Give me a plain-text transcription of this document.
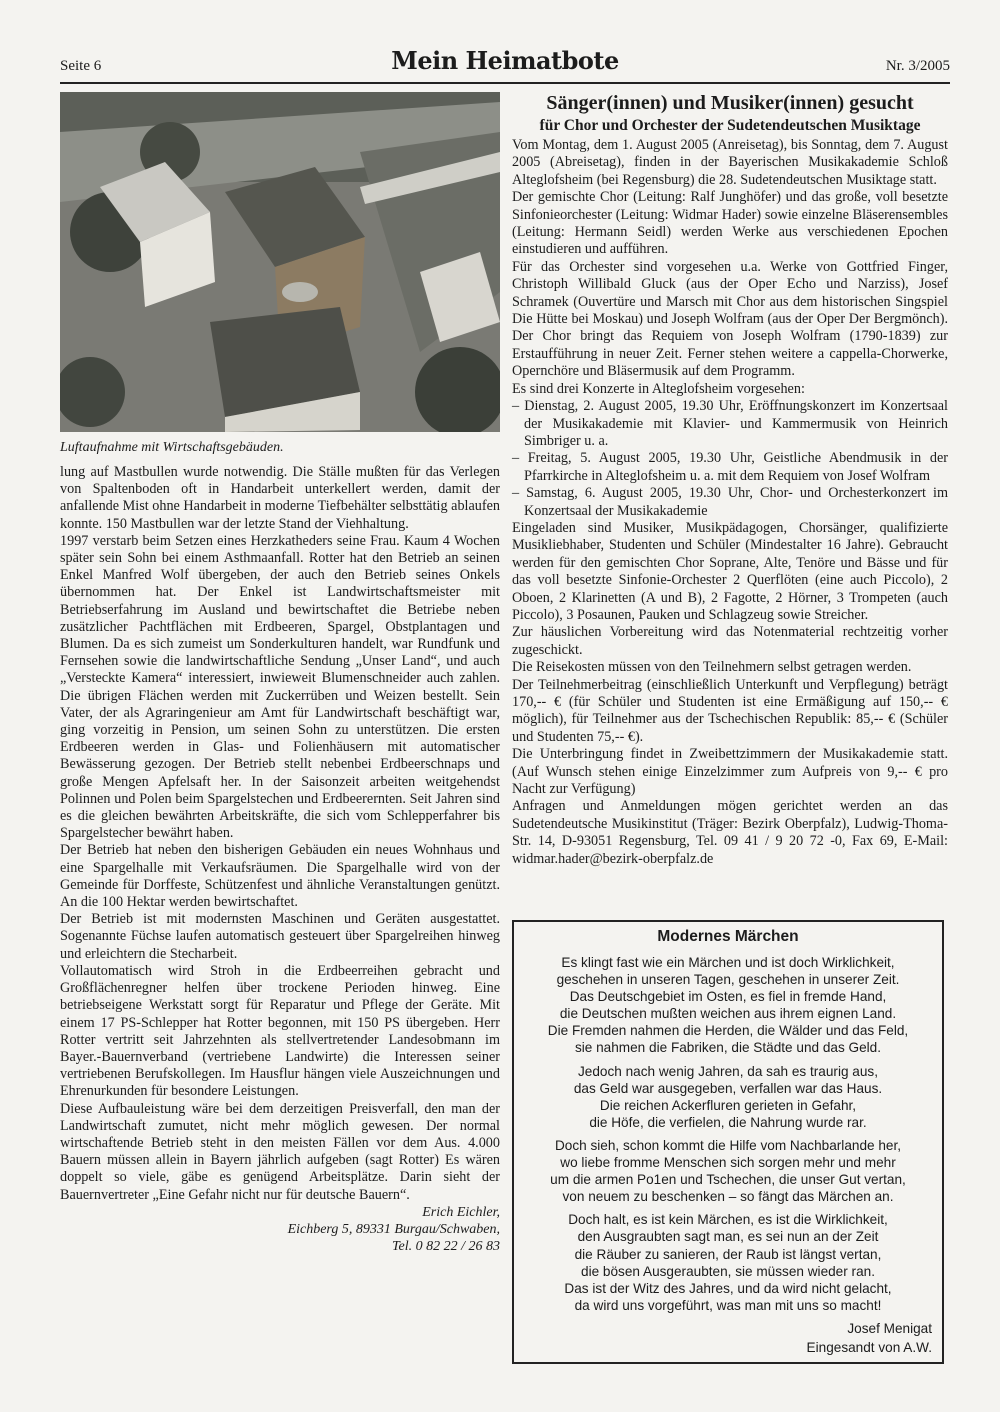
Seite 6	Mein Heimatbote	Nr. 3/2005
Luftaufnahme mit Wirtschaftsgebäuden.

lung auf Mastbullen wurde notwendig. Die Ställe mußten für das Verlegen von Spaltenboden oft in Handarbeit unterkellert werden, damit der anfallende Mist ohne Handarbeit in moderne Tiefbehälter selbsttätig ablaufen konnte. 150 Mastbullen war der letzte Stand der Viehhaltung.

1997 verstarb beim Setzen eines Herzkatheders seine Frau. Kaum 4 Wochen später sein Sohn bei einem Asthmaanfall. Rotter hat den Betrieb an seinen Enkel Manfred Wolf übergeben, der auch den Betrieb seines Onkels übernommen hat. Der Enkel ist Landwirtschaftsmeister mit Betriebserfahrung im Ausland und bewirtschaftet die Betriebe neben zusätzlicher Pachtflächen mit Erdbeeren, Spargel, Obstplantagen und Blumen. Da es sich zumeist um Sonderkulturen handelt, war Rundfunk und Fernsehen sowie die landwirtschaftliche Sendung „Unser Land“, und auch „Versteckte Kamera“ interessiert, inwieweit Blumenschneider auch zahlen. Die übrigen Flächen werden mit Zuckerrüben und Weizen bestellt. Sein Vater, der als Agraringenieur am Amt für Landwirtschaft beschäftigt war, ging vorzeitig in Pension, um seinen Sohn zu unterstützen. Die ersten Erdbeeren werden in Glas- und Folienhäusern mit automatischer Bewässerung gezogen. Der Betrieb stellt nebenbei Erdbeerschnaps und große Mengen Apfelsaft her. In der Saisonzeit arbeiten weitgehendst Polinnen und Polen beim Spargelstechen und Erdbeerernten. Seit Jahren sind es die gleichen bewährten Arbeitskräfte, die sich vom Schlepperfahrer bis Spargelstecher bewährt haben.

Der Betrieb hat neben den bisherigen Gebäuden ein neues Wohnhaus und eine Spargelhalle mit Verkaufsräumen. Die Spargelhalle wird von der Gemeinde für Dorffeste, Schützenfest und ähnliche Veranstaltungen genützt. An die 100 Hektar werden bewirtschaftet.

Der Betrieb ist mit modernsten Maschinen und Geräten ausgestattet. Sogenannte Füchse laufen automatisch gesteuert über Spargelreihen hinweg und erleichtern die Stecharbeit.

Vollautomatisch wird Stroh in die Erdbeerreihen gebracht und Großflächenregner helfen über trockene Perioden hinweg. Eine betriebseigene Werkstatt sorgt für Reparatur und Pflege der Geräte. Mit einem 17 PS-Schlepper hat Rotter begonnen, mit 150 PS übergeben. Herr Rotter vertritt seit Jahrzehnten als stellvertretender Landesobmann im Bayer.-Bauernverband (vertriebene Landwirte) die Interessen seiner vertriebenen Berufskollegen. Im Hausflur hängen viele Auszeichnungen und Ehrenurkunden für besondere Leistungen.

Diese Aufbauleistung wäre bei dem derzeitigen Preisverfall, den man der Landwirtschaft zumutet, nicht mehr möglich gewesen. Der normal wirtschaftende Betrieb steht in den meisten Fällen vor dem Aus. 4.000 Bauern müssen allein in Bayern jährlich aufgeben (sagt Rotter) Es wären doppelt so viele, gäbe es genügend Arbeitsplätze. Darin sieht der Bauernvertreter „Eine Gefahr nicht nur für deutsche Bauern“.

Erich Eichler,
Eichberg 5, 89331 Burgau/Schwaben,
Tel. 0 82 22 / 26 83
Sänger(innen) und Musiker(innen) gesucht
für Chor und Orchester der Sudetendeutschen Musiktage

Vom Montag, dem 1. August 2005 (Anreisetag), bis Sonntag, dem 7. August 2005 (Abreisetag), finden in der Bayerischen Musikakademie Schloß Alteglofsheim (bei Regensburg) die 28. Sudetendeutschen Musiktage statt.

Der gemischte Chor (Leitung: Ralf Junghöfer) und das große, voll besetzte Sinfonieorchester (Leitung: Widmar Hader) sowie einzelne Bläserensembles (Leitung: Hermann Seidl) werden Werke aus verschiedenen Epochen einstudieren und aufführen.

Für das Orchester sind vorgesehen u.a. Werke von Gottfried Finger, Christoph Willibald Gluck (aus der Oper Echo und Narziss), Josef Schramek (Ouvertüre und Marsch mit Chor aus dem historischen Singspiel Die Hütte bei Moskau) und Joseph Wolfram (aus der Oper Der Bergmönch). Der Chor bringt das Requiem von Joseph Wolfram (1790-1839) zur Erstaufführung in neuer Zeit. Ferner stehen weitere a cappella-Chorwerke, Opernchöre und Bläsermusik auf dem Programm.

Es sind drei Konzerte in Alteglofsheim vorgesehen:

– Dienstag, 2. August 2005, 19.30 Uhr, Eröffnungskonzert im Konzertsaal der Musikakademie mit Klavier- und Kammermusik von Heinrich Simbriger u. a.

– Freitag, 5. August 2005, 19.30 Uhr, Geistliche Abendmusik in der Pfarrkirche in Alteglofsheim u. a. mit dem Requiem von Josef Wolfram

– Samstag, 6. August 2005, 19.30 Uhr, Chor- und Orchesterkonzert im Konzertsaal der Musikakademie

Eingeladen sind Musiker, Musikpädagogen, Chorsänger, qualifizierte Musikliebhaber, Studenten und Schüler (Mindestalter 16 Jahre). Gebraucht werden für den gemischten Chor Soprane, Alte, Tenöre und Bässe und für das voll besetzte Sinfonie-Orchester 2 Querflöten (eine auch Piccolo), 2 Oboen, 2 Klarinetten (A und B), 2 Fagotte, 2 Hörner, 3 Trompeten (auch Piccolo), 3 Posaunen, Pauken und Schlagzeug sowie Streicher.

Zur häuslichen Vorbereitung wird das Notenmaterial rechtzeitig vorher zugeschickt.

Die Reisekosten müssen von den Teilnehmern selbst getragen werden.

Der Teilnehmerbeitrag (einschließlich Unterkunft und Verpflegung) beträgt 170,-- € (für Schüler und Studenten ist eine Ermäßigung auf 150,-- € möglich), für Teilnehmer aus der Tschechischen Republik: 85,-- € (Schüler und Studenten 75,-- €).

Die Unterbringung findet in Zweibettzimmern der Musikakademie statt. (Auf Wunsch stehen einige Einzelzimmer zum Aufpreis von 9,-- € pro Nacht zur Verfügung)

Anfragen und Anmeldungen mögen gerichtet werden an das Sudetendeutsche Musikinstitut (Träger: Bezirk Oberpfalz), Ludwig-Thoma-Str. 14, D-93051 Regensburg, Tel. 09 41 / 9 20 72 -0, Fax 69, E-Mail: widmar.hader@bezirk-oberpfalz.de

Modernes Märchen
Es klingt fast wie ein Märchen und ist doch Wirklichkeit,
geschehen in unseren Tagen, geschehen in unserer Zeit.
Das Deutschgebiet im Osten, es fiel in fremde Hand,
die Deutschen mußten weichen aus ihrem eignen Land.
Die Fremden nahmen die Herden, die Wälder und das Feld,
sie nahmen die Fabriken, die Städte und das Geld.
Jedoch nach wenig Jahren, da sah es traurig aus,
das Geld war ausgegeben, verfallen war das Haus.
Die reichen Ackerfluren gerieten in Gefahr,
die Höfe, die verfielen, die Nahrung wurde rar.
Doch sieh, schon kommt die Hilfe vom Nachbarlande her,
wo liebe fromme Menschen sich sorgen mehr und mehr
um die armen Po1en und Tschechen, die unser Gut vertan,
von neuem zu beschenken – so fängt das Märchen an.
Doch halt, es ist kein Märchen, es ist die Wirklichkeit,
den Ausgraubten sagt man, es sei nun an der Zeit
die Räuber zu sanieren, der Raub ist längst vertan,
die bösen Ausgeraubten, sie müssen wieder ran.
Das ist der Witz des Jahres, und da wird nicht gelacht,
da wird uns vorgeführt, was man mit uns so macht!
Josef Menigat
Eingesandt von A.W.
